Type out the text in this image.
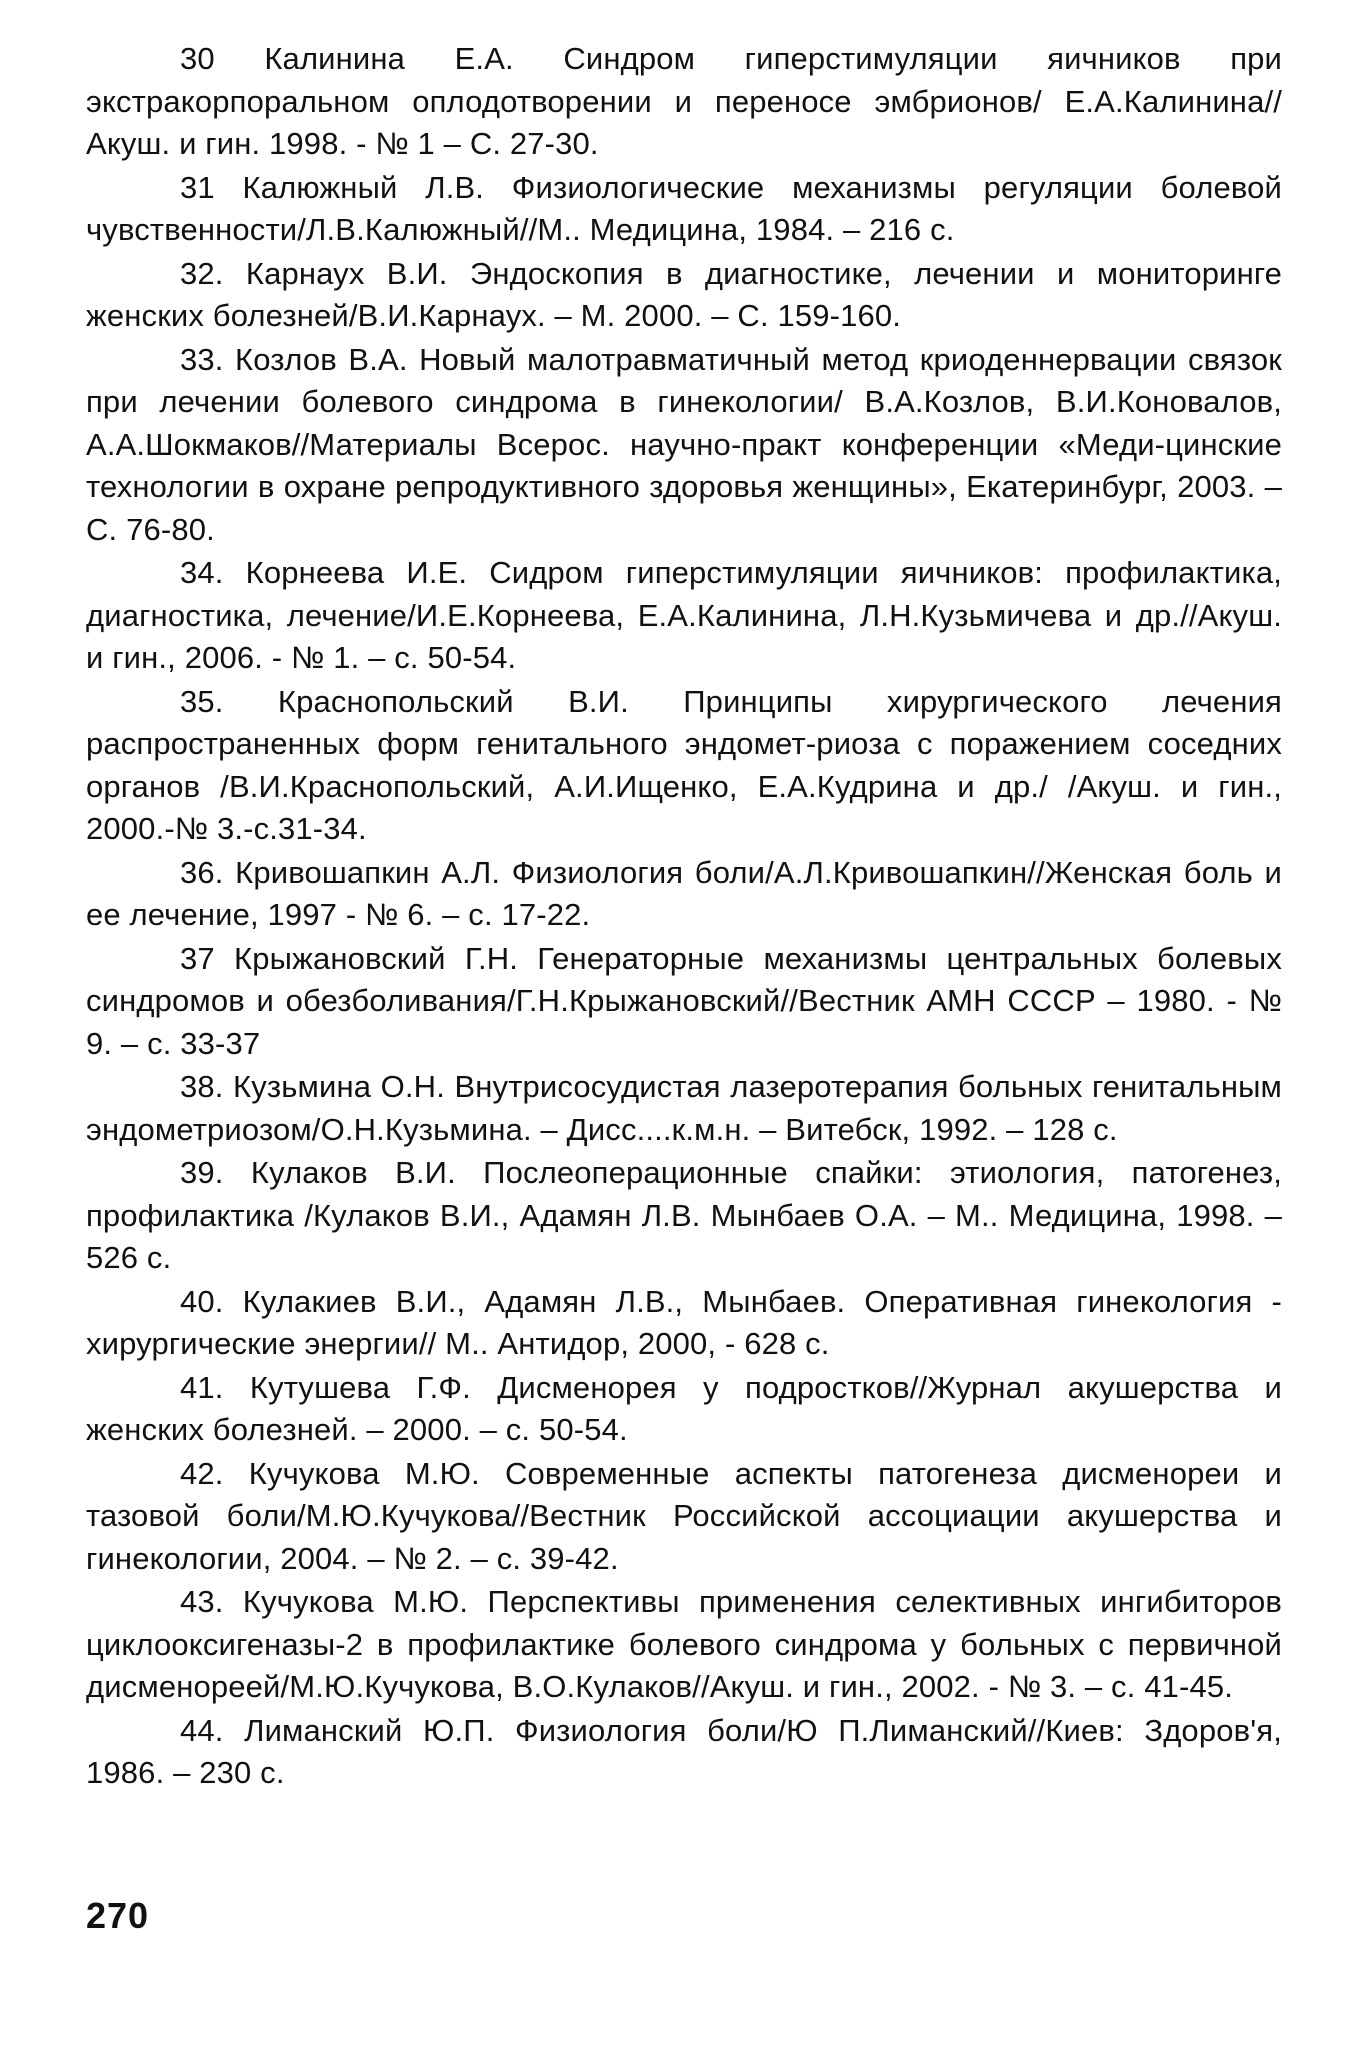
30 Калинина Е.А. Синдром гиперстимуляции яичников при экстракорпоральном оплодотворении и переносе эмбрионов/ Е.А.Калинина//Акуш. и гин. 1998. - № 1 – С. 27-30.
31 Калюжный Л.В. Физиологические механизмы регуляции болевой чувственности/Л.В.Калюжный//М.. Медицина, 1984. – 216 с.
32. Карнаух В.И. Эндоскопия в диагностике, лечении и мониторинге женских болезней/В.И.Карнаух. – М. 2000. – С. 159-160.
33. Козлов В.А. Новый малотравматичный метод криоденнервации связок при лечении болевого синдрома в гинекологии/ В.А.Козлов, В.И.Коновалов, А.А.Шокмаков//Материалы Всерос. научно-практ конференции «Меди-цинские технологии в охране репродуктивного здоровья женщины», Екатеринбург, 2003. – С. 76-80.
34. Корнеева И.Е. Сидром гиперстимуляции яичников: профилактика, диагностика, лечение/И.Е.Корнеева, Е.А.Калинина, Л.Н.Кузьмичева и др.//Акуш. и гин., 2006. - № 1. – с. 50-54.
35. Краснопольский В.И. Принципы хирургического лечения распространенных форм генитального эндомет-риоза с поражением соседних органов /В.И.Краснопольский, А.И.Ищенко, Е.А.Кудрина и др./ /Акуш. и гин., 2000.-№ 3.-с.31-34.
36. Кривошапкин А.Л. Физиология боли/А.Л.Кривошапкин//Женская боль и ее лечение, 1997 - № 6. – с. 17-22.
37 Крыжановский Г.Н. Генераторные механизмы центральных болевых синдромов и обезболивания/Г.Н.Крыжановский//Вестник АМН СССР – 1980. - № 9. – с. 33-37
38. Кузьмина О.Н. Внутрисосудистая лазеротерапия больных генитальным эндометриозом/О.Н.Кузьмина. – Дисс....к.м.н. – Витебск, 1992. – 128 с.
39. Кулаков В.И. Послеоперационные спайки: этиология, патогенез, профилактика /Кулаков В.И., Адамян Л.В. Мынбаев О.А. – М.. Медицина, 1998. – 526 с.
40. Кулакиев В.И., Адамян Л.В., Мынбаев. Оперативная гинекология - хирургические энергии// М.. Антидор, 2000, - 628 с.
41. Кутушева Г.Ф. Дисменорея у подростков//Журнал акушерства и женских болезней. – 2000. – с. 50-54.
42. Кучукова М.Ю. Современные аспекты патогенеза дисменореи и тазовой боли/М.Ю.Кучукова//Вестник Российской ассоциации акушерства и гинекологии, 2004. – № 2. – с. 39-42.
43. Кучукова М.Ю. Перспективы применения селективных ингибиторов циклооксигеназы-2 в профилактике болевого синдрома у больных с первичной дисменореей/М.Ю.Кучукова, В.О.Кулаков//Акуш. и гин., 2002. - № 3. – с. 41-45.
44. Лиманский Ю.П. Физиология боли/Ю П.Лиманский//Киев: Здоров'я, 1986. – 230 с.
270
